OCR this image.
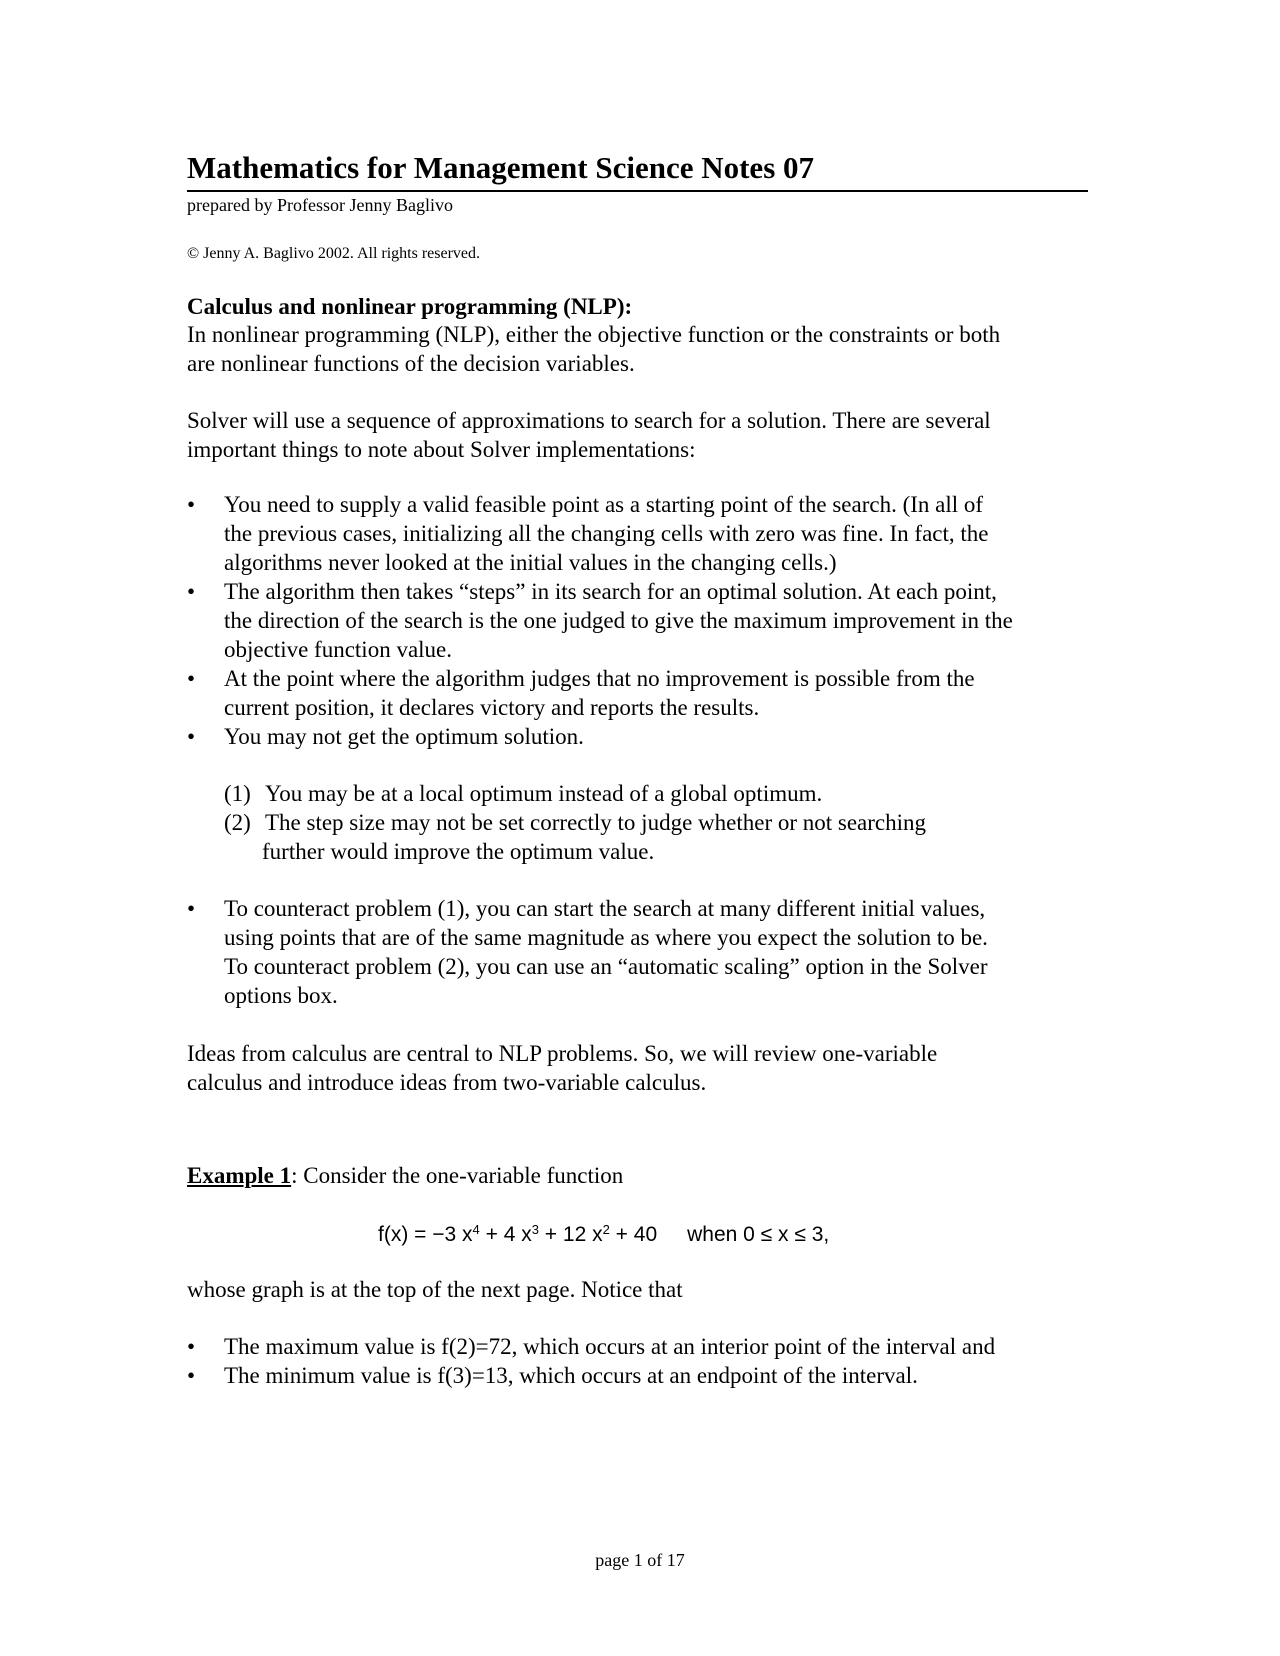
Mathematics for Management Science Notes 07
prepared by Professor Jenny Baglivo
© Jenny A. Baglivo 2002. All rights reserved.
Calculus and nonlinear programming (NLP):
In nonlinear programming (NLP), either the objective function or the constraints or both
are nonlinear functions of the decision variables.
Solver will use a sequence of approximations to search for a solution. There are several
important things to note about Solver implementations:
• You need to supply a valid feasible point as a starting point of the search. (In all of
the previous cases, initializing all the changing cells with zero was fine. In fact, the
algorithms never looked at the initial values in the changing cells.)
• The algorithm then takes “steps” in its search for an optimal solution. At each point,
the direction of the search is the one judged to give the maximum improvement in the
objective function value.
• At the point where the algorithm judges that no improvement is possible from the
current position, it declares victory and reports the results.
• You may not get the optimum solution.
(1) You may be at a local optimum instead of a global optimum.
(2) The step size may not be set correctly to judge whether or not searching
further would improve the optimum value.
• To counteract problem (1), you can start the search at many different initial values,
using points that are of the same magnitude as where you expect the solution to be.
To counteract problem (2), you can use an “automatic scaling” option in the Solver
options box.
Ideas from calculus are central to NLP problems. So, we will review one-variable
calculus and introduce ideas from two-variable calculus.
Example 1: Consider the one-variable function
f(x) = −3 $x^4 + 4$ $x^3 + 12$ $x^2 + 40$ when 0 ≤ x ≤ 3,
whose graph is at the top of the next page. Notice that
• The maximum value is f(2)=72, which occurs at an interior point of the interval and
• The minimum value is f(3)=13, which occurs at an endpoint of the interval.
page 1 of 17
